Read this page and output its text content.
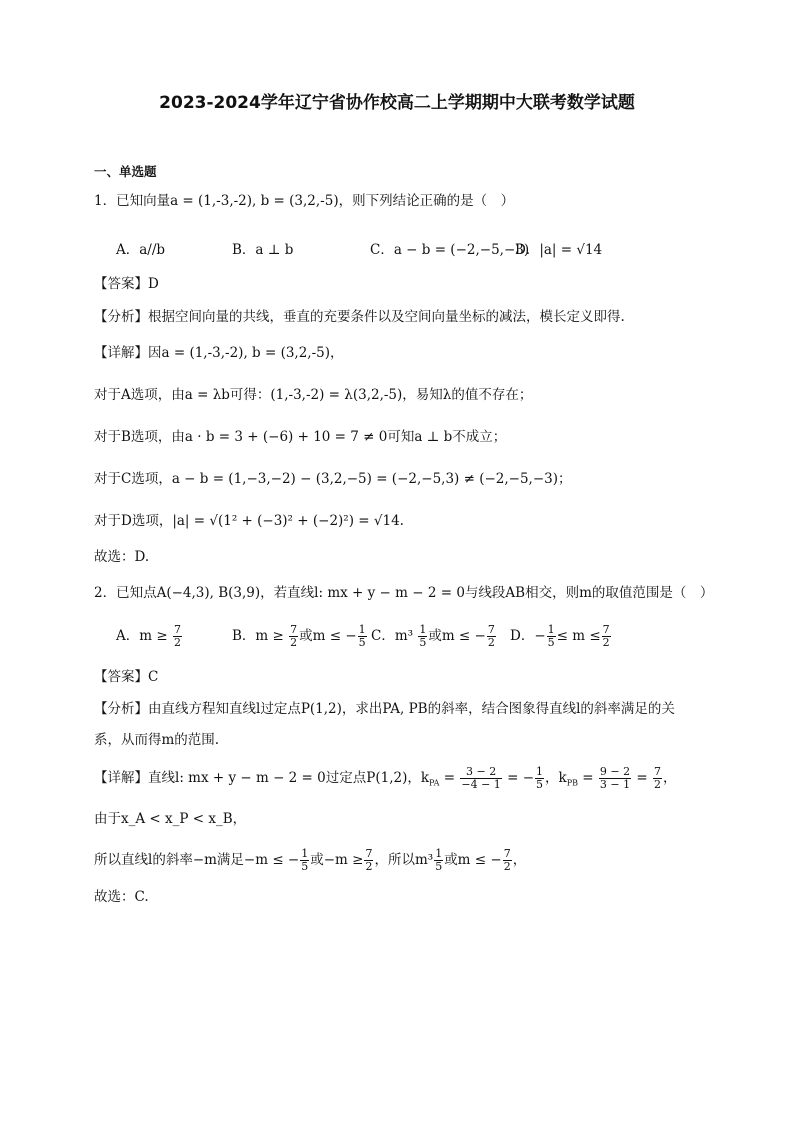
2023-2024学年辽宁省协作校高二上学期期中大联考数学试题
一、单选题
1．已知向量a = (1,-3,-2), b = (3,2,-5)，则下列结论正确的是（　）
A．a//b	B．a ⊥ b	C．a − b = (−2,−5,−3)
D．|a| = √14
【答案】D
【分析】根据空间向量的共线，垂直的充要条件以及空间向量坐标的减法，模长定义即得.
【详解】因a = (1,-3,-2), b = (3,2,-5)，
对于A选项，由a = λb可得：(1,-3,-2) = λ(3,2,-5)，易知λ的值不存在；
对于B选项，由a · b = 3 + (−6) + 10 = 7 ≠ 0可知a ⊥ b不成立；
对于C选项，a − b = (1,−3,−2) − (3,2,−5) = (−2,−5,3) ≠ (−2,−5,−3)；
对于D选项，|a| = √(1² + (−3)² + (−2)²) = √14.
故选：D.
2．已知点A(−4,3), B(3,9)，若直线l: mx + y − m − 2 = 0与线段AB相交，则m的取值范围是（　）
A．$m \ge \frac{7}{2}$	B．$m \ge \frac{7}{2}$ 或m ≤ − $\frac{1}{5}$ C．$m^3 \frac{1}{5}$ 或m ≤ − $\frac{7}{2}$ D．− $\frac{1}{5} \le m \le \frac{7}{2}$
【答案】C
【分析】由直线方程知直线l过定点P(1,2)，求出PA, PB的斜率，结合图象得直线l的斜率满足的关
系，从而得m的范围.
【详解】直线l: mx + y − m − 2 = 0过定点P(1,2)，$k_{PA} = \frac{3 - 2}{-4 - 1}$ = − $\frac{1}{5}$ ，$k_{PB} = \frac{9 - 2}{3 - 1} = \frac{7}{2}$ ，
由于x_A < x_P < x_B，
所以直线l的斜率−m满足−m ≤ − $\frac{1}{5}$ 或$-m \ge \frac{7}{2}$ ，所以$m^3 \frac{1}{5}$ 或m ≤ − $\frac{7}{2}$ ，
故选：C.
